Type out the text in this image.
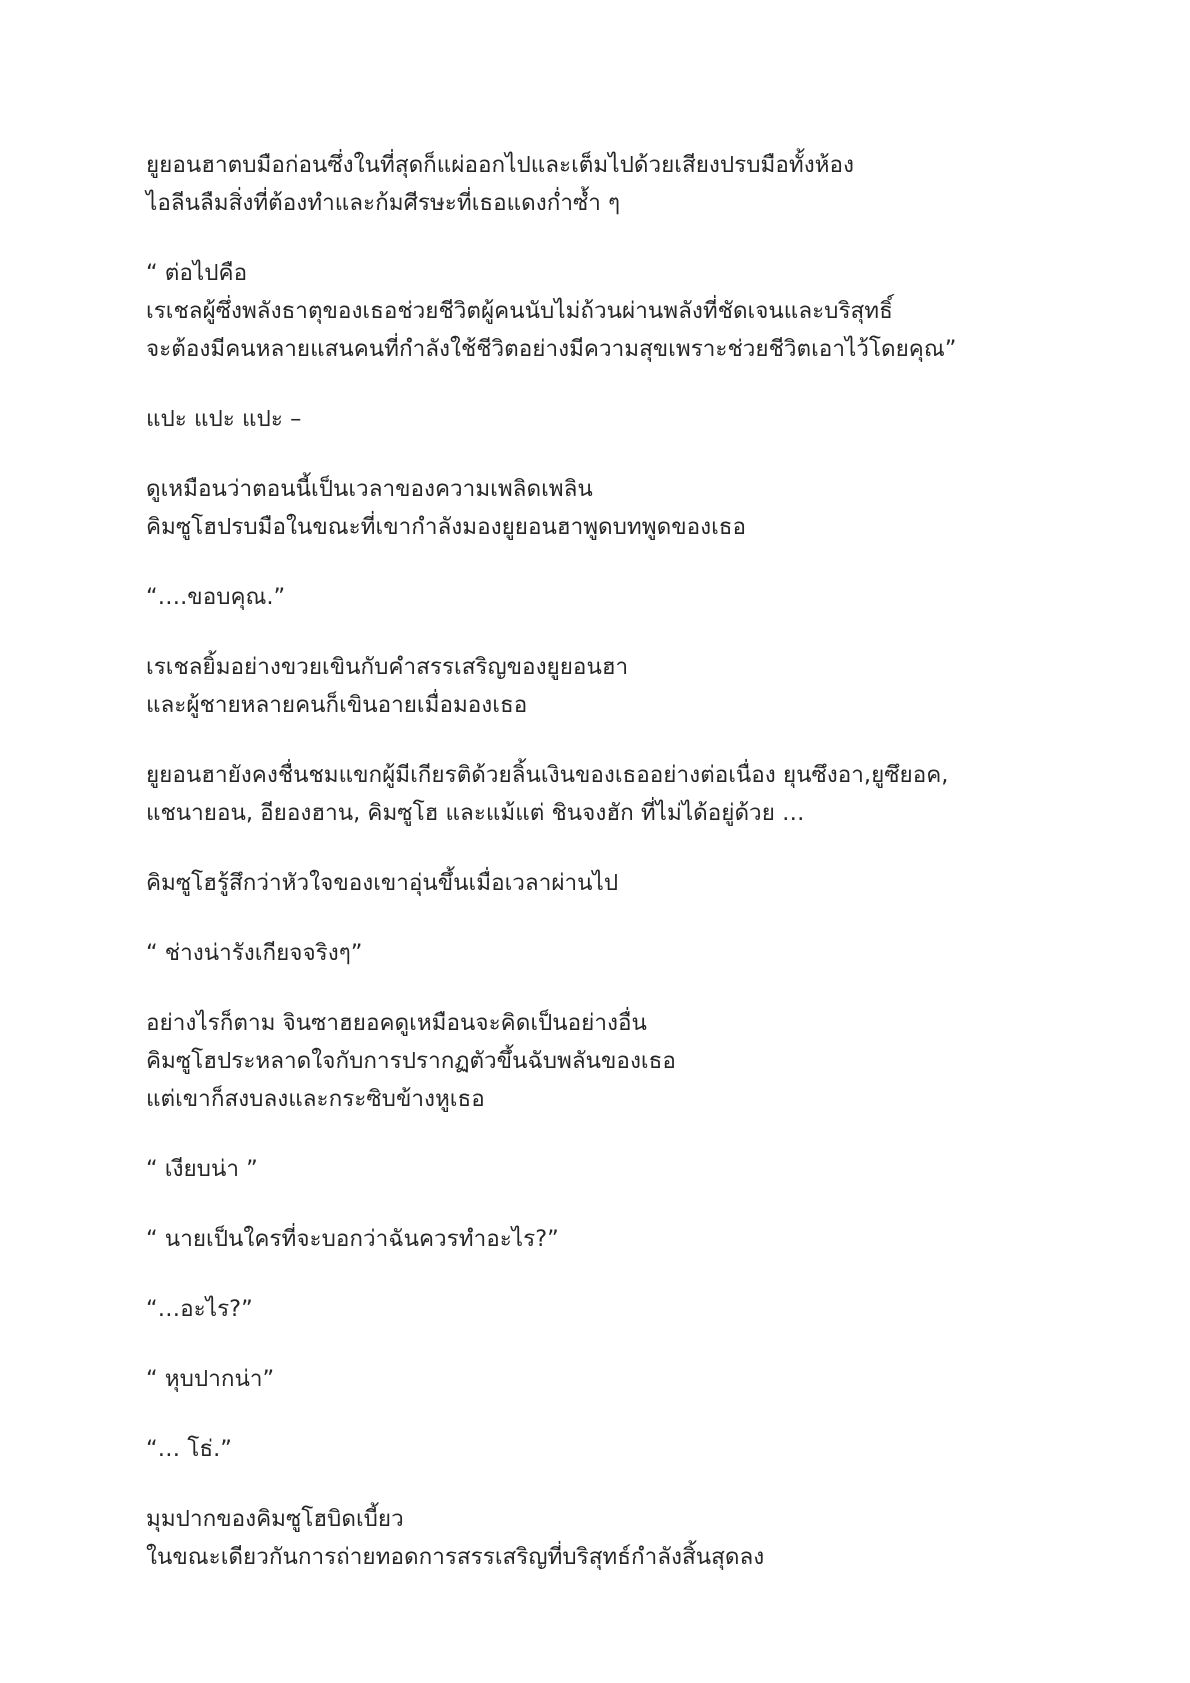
ยูยอนฮาตบมือก่อนซึ่งในที่สุดก็แผ่ออกไปและเต็มไปด้วยเสียงปรบมือทั้งห้อง
ไอลีนลืมสิ่งที่ต้องทำและก้มศีรษะที่เธอแดงก่ำซ้ำ ๆ

“ ต่อไปคือ
เรเชลผู้ซึ่งพลังธาตุของเธอช่วยชีวิตผู้คนนับไม่ถ้วนผ่านพลังที่ชัดเจนและบริสุทธิ์
จะต้องมีคนหลายแสนคนที่กำลังใช้ชีวิตอย่างมีความสุขเพราะช่วยชีวิตเอาไว้โดยคุณ”

แปะ แปะ แปะ –

ดูเหมือนว่าตอนนี้เป็นเวลาของความเพลิดเพลิน
คิมซูโฮปรบมือในขณะที่เขากำลังมองยูยอนฮาพูดบทพูดของเธอ

“….ขอบคุณ.”

เรเชลยิ้มอย่างขวยเขินกับคำสรรเสริญของยูยอนฮา
และผู้ชายหลายคนก็เขินอายเมื่อมองเธอ

ยูยอนฮายังคงชื่นชมแขกผู้มีเกียรติด้วยลิ้นเงินของเธออย่างต่อเนื่อง ยุนซึงอา,ยูซึยอค,
แชนายอน, อียองฮาน, คิมซูโฮ และแม้แต่ ชินจงฮัก ที่ไม่ได้อยู่ด้วย …

คิมซูโฮรู้สึกว่าหัวใจของเขาอุ่นขึ้นเมื่อเวลาผ่านไป

“ ช่างน่ารังเกียจจริงๆ”

อย่างไรก็ตาม จินซาฮยอคดูเหมือนจะคิดเป็นอย่างอื่น
คิมซูโฮประหลาดใจกับการปรากฏตัวขึ้นฉับพลันของเธอ
แต่เขาก็สงบลงและกระซิบข้างหูเธอ

“ เงียบน่า ”

“ นายเป็นใครที่จะบอกว่าฉันควรทำอะไร?”

“…อะไร?”

“ หุบปากน่า”

“… โธ่.”

มุมปากของคิมซูโฮบิดเบี้ยว
ในขณะเดียวกันการถ่ายทอดการสรรเสริญที่บริสุทธ์กำลังสิ้นสุดลง
